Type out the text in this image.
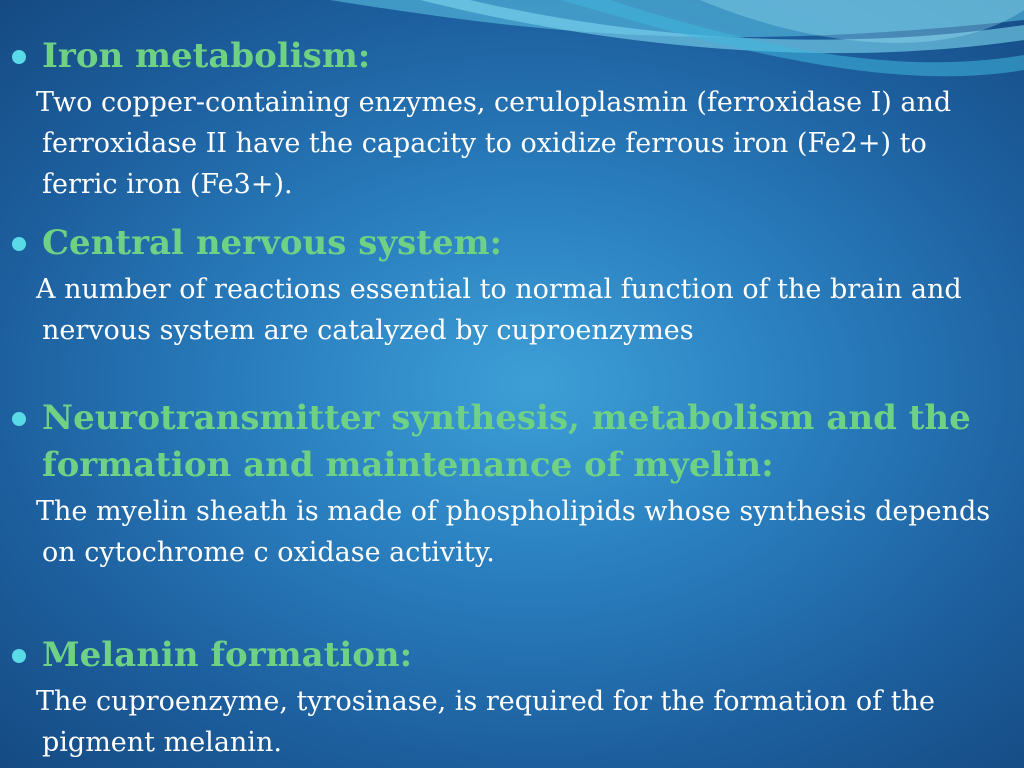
Iron metabolism:
Two copper-containing enzymes, ceruloplasmin (ferroxidase I) and ferroxidase II have the capacity to oxidize ferrous iron (Fe2+) to ferric iron (Fe3+).
Central nervous system:
A number of reactions essential to normal function of the brain and nervous system are catalyzed by cuproenzymes
Neurotransmitter synthesis, metabolism and the formation and maintenance of myelin:
The myelin sheath is made of phospholipids whose synthesis depends on cytochrome c oxidase activity.
Melanin formation:
The cuproenzyme, tyrosinase, is required for the formation of the pigment melanin.
